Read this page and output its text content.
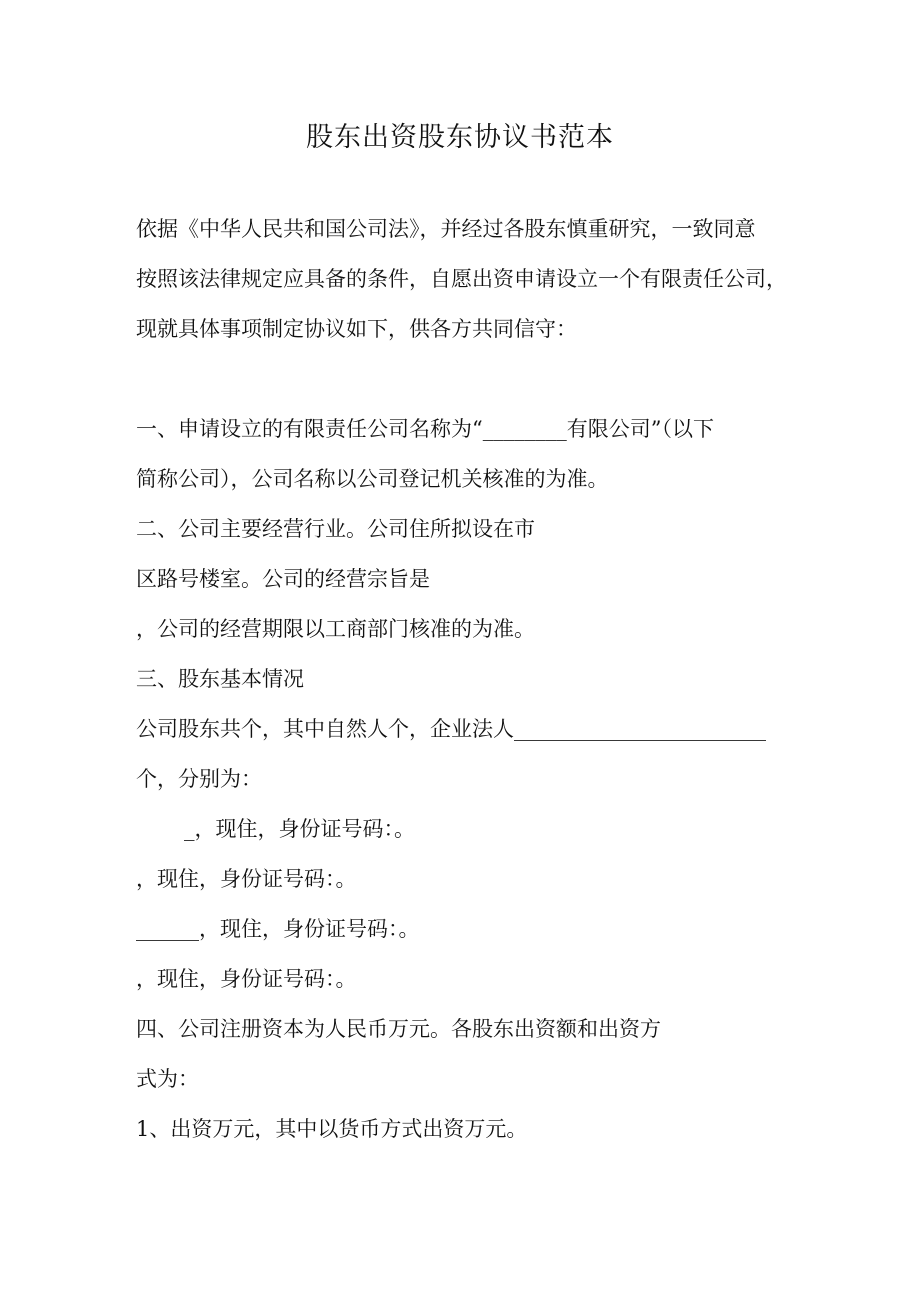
股东出资股东协议书范本
依据《中华人民共和国公司法》，并经过各股东慎重研究，一致同意
按照该法律规定应具备的条件，自愿出资申请设立一个有限责任公司，
现就具体事项制定协议如下，供各方共同信守：
一、申请设立的有限责任公司名称为“________有限公司”（以下
简称公司），公司名称以公司登记机关核准的为准。
二、公司主要经营行业。公司住所拟设在市
区路号楼室。公司的经营宗旨是
，公司的经营期限以工商部门核准的为准。
三、股东基本情况
公司股东共个，其中自然人个，企业法人________________________
个，分别为：
_，现住，身份证号码：。
，现住，身份证号码：。
______，现住，身份证号码：。
，现住，身份证号码：。
四、公司注册资本为人民币万元。各股东出资额和出资方
式为：
1、出资万元，其中以货币方式出资万元。
